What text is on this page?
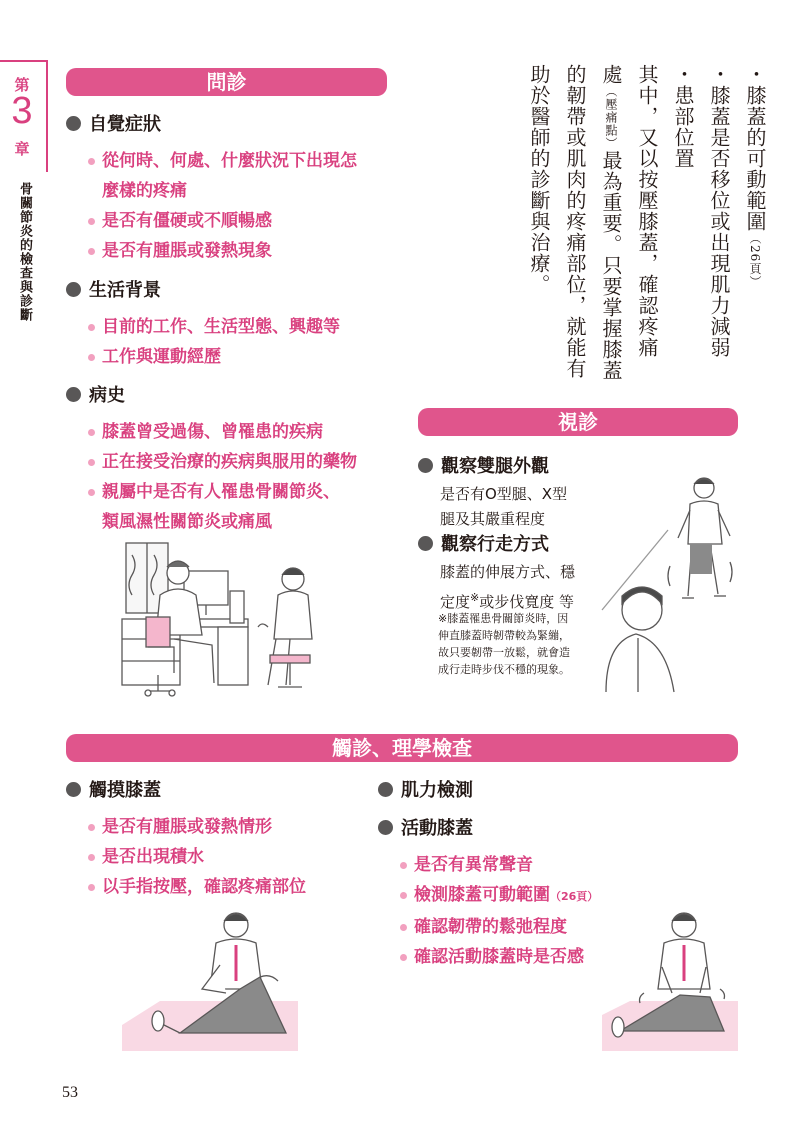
第
3
章
骨關節炎的檢查與診斷
問診
自覺症狀
從何時、何處、什麼狀況下出現怎
麼樣的疼痛
是否有僵硬或不順暢感
是否有腫脹或發熱現象
生活背景
目前的工作、生活型態、興趣等
工作與運動經歷
病史
膝蓋曾受過傷、曾罹患的疾病
正在接受治療的疾病與服用的藥物
親屬中是否有人罹患骨關節炎、
類風濕性關節炎或痛風
・膝蓋的可動範圍（26頁）
・膝蓋是否移位或出現肌力減弱
・患部位置
其中，又以按壓膝蓋，確認疼痛
處（壓痛點）最為重要。只要掌握膝蓋
的韌帶或肌肉的疼痛部位，就能有
助於醫師的診斷與治療。
視診
觀察雙腿外觀
是否有O型腿、X型
腿及其嚴重程度
觀察行走方式
膝蓋的伸展方式、穩
定度※或步伐寬度 等
※膝蓋罹患骨關節炎時，因
伸直膝蓋時韌帶較為緊繃，
故只要韌帶一放鬆，就會造
成行走時步伐不穩的現象。
觸診、理學檢查
觸摸膝蓋
是否有腫脹或發熱情形
是否出現積水
以手指按壓，確認疼痛部位
肌力檢測
活動膝蓋
是否有異常聲音
檢測膝蓋可動範圍（26頁）
確認韌帶的鬆弛程度
確認活動膝蓋時是否感
53
